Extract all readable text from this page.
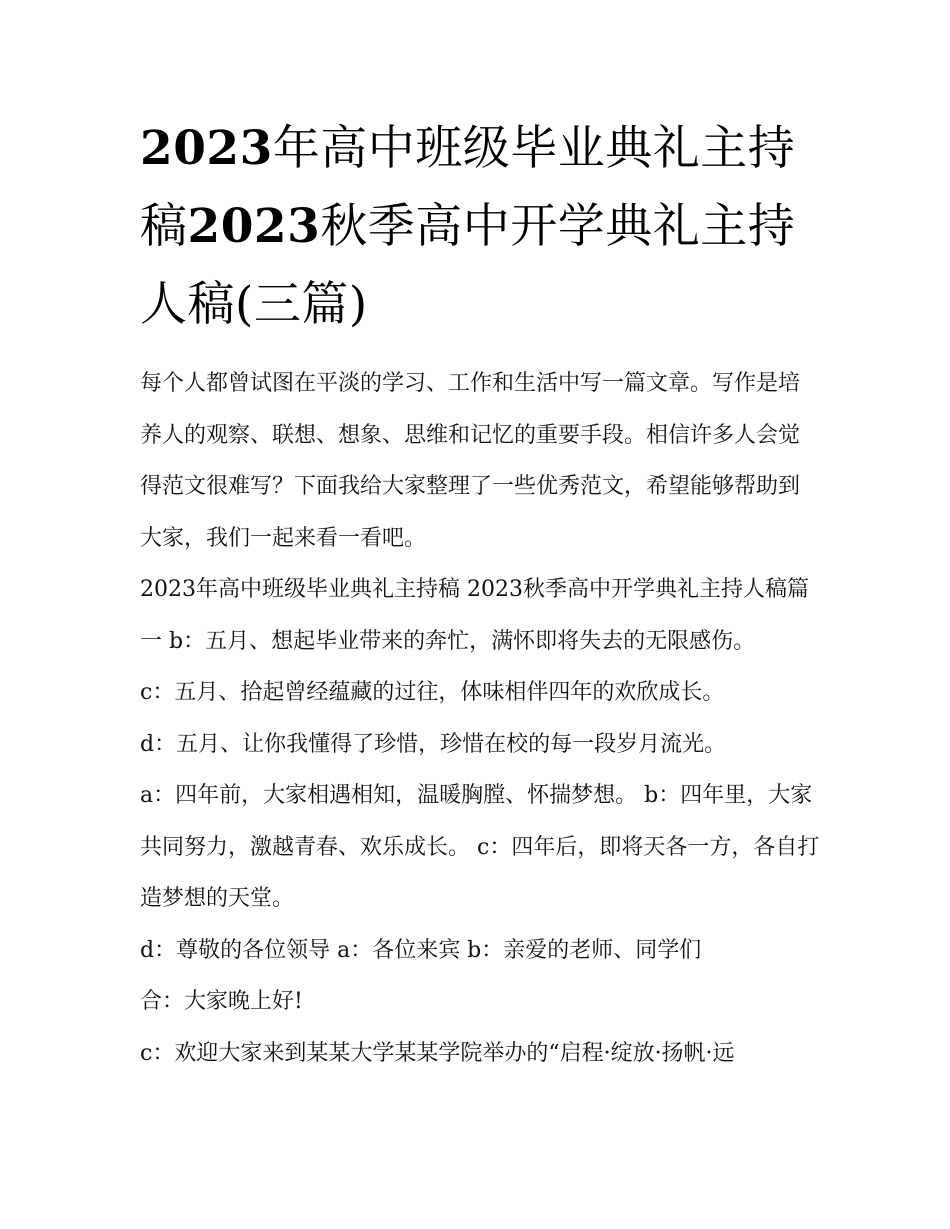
2023年高中班级毕业典礼主持稿2023秋季高中开学典礼主持人稿(三篇)

每个人都曾试图在平淡的学习、工作和生活中写一篇文章。写作是培养人的观察、联想、想象、思维和记忆的重要手段。相信许多人会觉得范文很难写？下面我给大家整理了一些优秀范文，希望能够帮助到大家，我们一起来看一看吧。

2023年高中班级毕业典礼主持稿 2023秋季高中开学典礼主持人稿篇一 b：五月、想起毕业带来的奔忙，满怀即将失去的无限感伤。

c：五月、拾起曾经蕴藏的过往，体味相伴四年的欢欣成长。

d：五月、让你我懂得了珍惜，珍惜在校的每一段岁月流光。

a：四年前，大家相遇相知，温暖胸膛、怀揣梦想。 b：四年里，大家共同努力，激越青春、欢乐成长。 c：四年后，即将天各一方，各自打造梦想的天堂。

d：尊敬的各位领导 a：各位来宾 b：亲爱的老师、同学们

合：大家晚上好!

c：欢迎大家来到某某大学某某学院举办的“启程·绽放·扬帆·远
